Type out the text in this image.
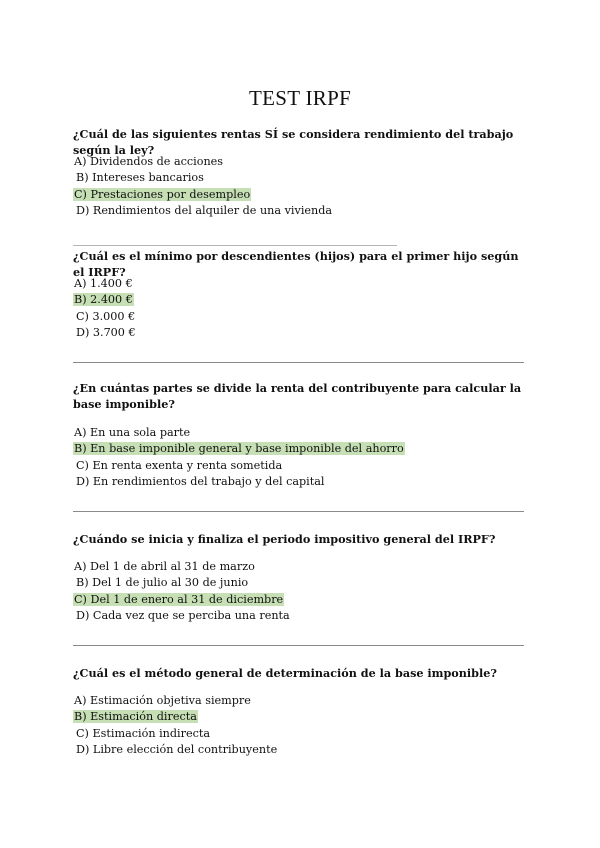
TEST IRPF
¿Cuál de las siguientes rentas SÍ se considera rendimiento del trabajo según la ley?
A) Dividendos de acciones
B) Intereses bancarios
C) Prestaciones por desempleo
D) Rendimientos del alquiler de una vivienda
______________________________________________________________
¿Cuál es el mínimo por descendientes (hijos) para el primer hijo según el IRPF?
A) 1.400 €
B) 2.400 €
C) 3.000 €
D) 3.700 €
¿En cuántas partes se divide la renta del contribuyente para calcular la base imponible?
A) En una sola parte
B) En base imponible general y base imponible del ahorro
C) En renta exenta y renta sometida
D) En rendimientos del trabajo y del capital
¿Cuándo se inicia y finaliza el periodo impositivo general del IRPF?
A) Del 1 de abril al 31 de marzo
B) Del 1 de julio al 30 de junio
C) Del 1 de enero al 31 de diciembre
D) Cada vez que se perciba una renta
¿Cuál es el método general de determinación de la base imponible?
A) Estimación objetiva siempre
B) Estimación directa
C) Estimación indirecta
D) Libre elección del contribuyente
